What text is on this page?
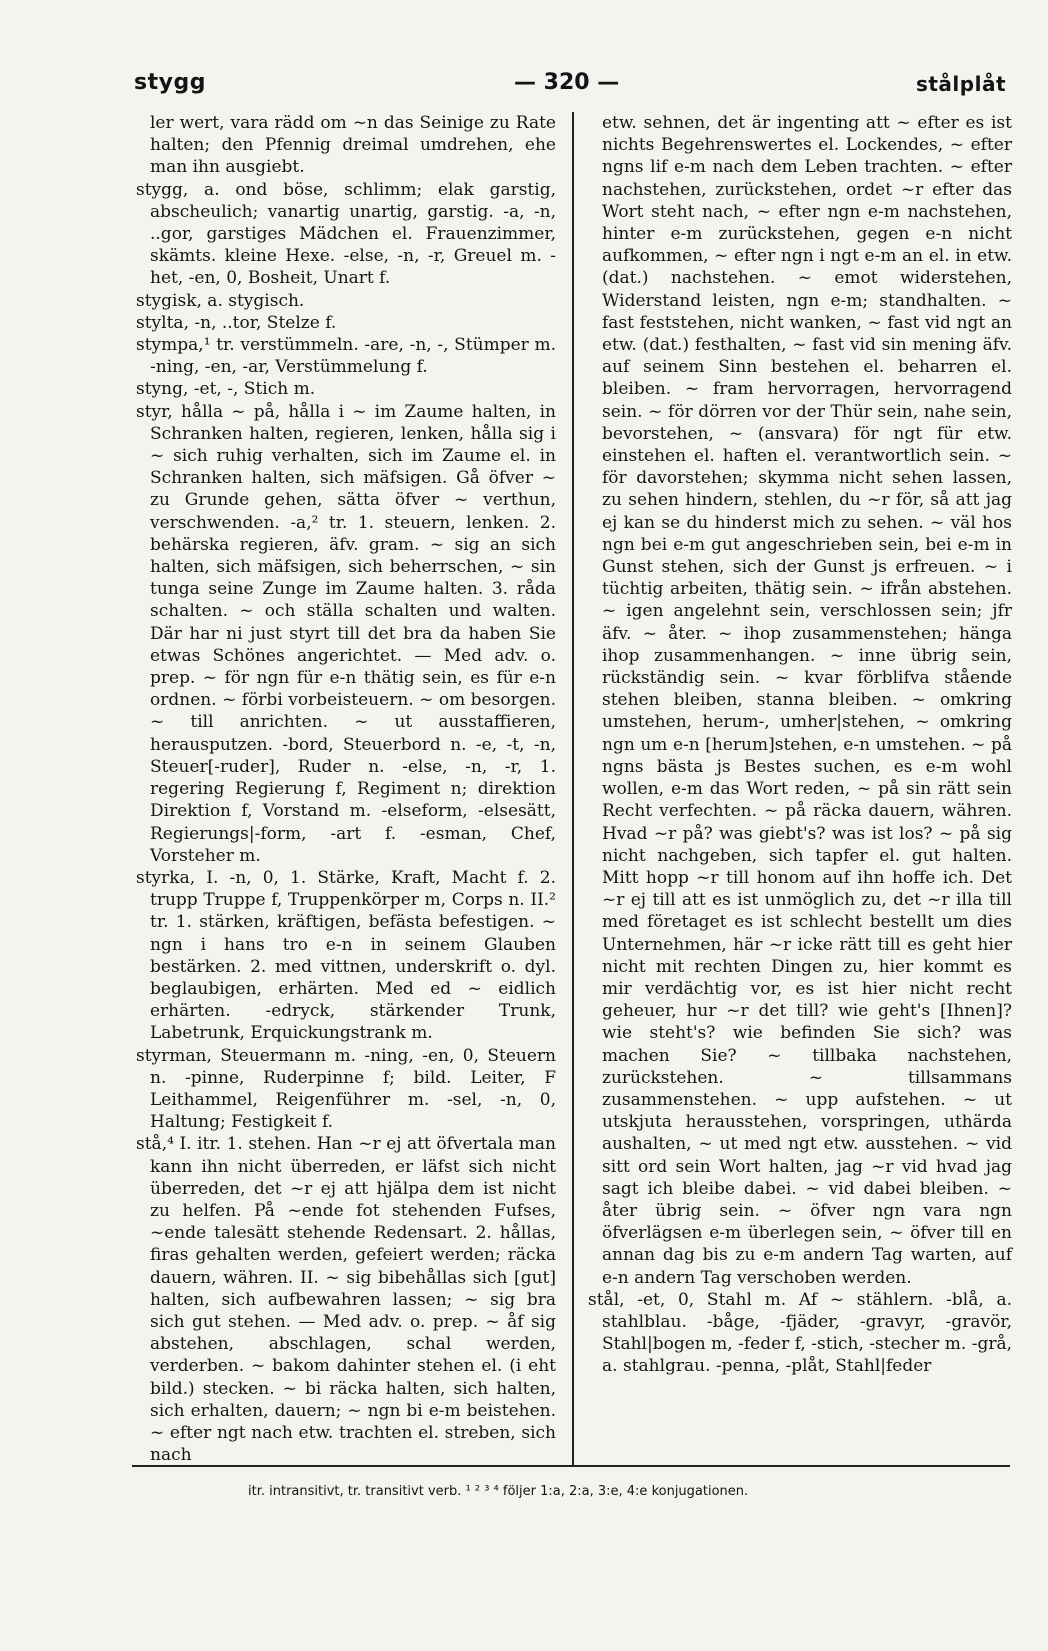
stygg	— 320 —	stålplåt

ler wert, vara rädd om ~n das Seinige zu Rate halten; den Pfennig dreimal umdrehen, ehe man ihn ausgiebt.

stygg, a. ond böse, schlimm; elak garstig, abscheulich; vanartig unartig, garstig. -a, -n, ..gor, garstiges Mädchen el. Frauenzimmer, skämts. kleine Hexe. -else, -n, -r, Greuel m. -het, -en, 0, Bosheit, Unart f.

stygisk, a. stygisch.

stylta, -n, ..tor, Stelze f.

stympa,¹ tr. verstümmeln. -are, -n, -, Stümper m. -ning, -en, -ar, Verstümmelung f.

styng, -et, -, Stich m.

styr, hålla ~ på, hålla i ~ im Zaume halten, in Schranken halten, regieren, lenken, hålla sig i ~ sich ruhig verhalten, sich im Zaume el. in Schranken halten, sich mäfsigen. Gå öfver ~ zu Grunde gehen, sätta öfver ~ verthun, verschwenden. -a,² tr. 1. steuern, lenken. 2. behärska regieren, äfv. gram. ~ sig an sich halten, sich mäfsigen, sich beherrschen, ~ sin tunga seine Zunge im Zaume halten. 3. råda schalten. ~ och ställa schalten und walten. Där har ni just styrt till det bra da haben Sie etwas Schönes angerichtet. — Med adv. o. prep. ~ för ngn für e-n thätig sein, es für e-n ordnen. ~ förbi vorbeisteuern. ~ om besorgen. ~ till anrichten. ~ ut ausstaffieren, herausputzen. -bord, Steuerbord n. -e, -t, -n, Steuer[-ruder], Ruder n. -else, -n, -r, 1. regering Regierung f, Regiment n; direktion Direktion f, Vorstand m. -elseform, -elsesätt, Regierungs|-form, -art f. -esman, Chef, Vorsteher m.

styrka, I. -n, 0, 1. Stärke, Kraft, Macht f. 2. trupp Truppe f, Truppenkörper m, Corps n. II.² tr. 1. stärken, kräftigen, befästa befestigen. ~ ngn i hans tro e-n in seinem Glauben bestärken. 2. med vittnen, underskrift o. dyl. beglaubigen, erhärten. Med ed ~ eidlich erhärten. -edryck, stärkender Trunk, Labetrunk, Erquickungstrank m.

styrman, Steuermann m. -ning, -en, 0, Steuern n. -pinne, Ruderpinne f; bild. Leiter, F Leithammel, Reigenführer m. -sel, -n, 0, Haltung; Festigkeit f.

stå,⁴ I. itr. 1. stehen. Han ~r ej att öfvertala man kann ihn nicht überreden, er läfst sich nicht überreden, det ~r ej att hjälpa dem ist nicht zu helfen. På ~ende fot stehenden Fufses, ~ende talesätt stehende Redensart. 2. hållas, firas gehalten werden, gefeiert werden; räcka dauern, währen. II. ~ sig bibehållas sich [gut] halten, sich aufbewahren lassen; ~ sig bra sich gut stehen. — Med adv. o. prep. ~ åf sig abstehen, abschlagen, schal werden, verderben. ~ bakom dahinter stehen el. (i eht bild.) stecken. ~ bi räcka halten, sich halten, sich erhalten, dauern; ~ ngn bi e-m beistehen. ~ efter ngt nach etw. trachten el. streben, sich nach

etw. sehnen, det är ingenting att ~ efter es ist nichts Begehrenswertes el. Lockendes, ~ efter ngns lif e-m nach dem Leben trachten. ~ efter nachstehen, zurückstehen, ordet ~r efter das Wort steht nach, ~ efter ngn e-m nachstehen, hinter e-m zurückstehen, gegen e-n nicht aufkommen, ~ efter ngn i ngt e-m an el. in etw. (dat.) nachstehen. ~ emot widerstehen, Widerstand leisten, ngn e-m; standhalten. ~ fast feststehen, nicht wanken, ~ fast vid ngt an etw. (dat.) festhalten, ~ fast vid sin mening äfv. auf seinem Sinn bestehen el. beharren el. bleiben. ~ fram hervorragen, hervorragend sein. ~ för dörren vor der Thür sein, nahe sein, bevorstehen, ~ (ansvara) för ngt für etw. einstehen el. haften el. verantwortlich sein. ~ för davorstehen; skymma nicht sehen lassen, zu sehen hindern, stehlen, du ~r för, så att jag ej kan se du hinderst mich zu sehen. ~ väl hos ngn bei e-m gut angeschrieben sein, bei e-m in Gunst stehen, sich der Gunst js erfreuen. ~ i tüchtig arbeiten, thätig sein. ~ ifrån abstehen. ~ igen angelehnt sein, verschlossen sein; jfr äfv. ~ åter. ~ ihop zusammenstehen; hänga ihop zusammenhangen. ~ inne übrig sein, rückständig sein. ~ kvar förblifva stående stehen bleiben, stanna bleiben. ~ omkring umstehen, herum-, umher|stehen, ~ omkring ngn um e-n [herum]stehen, e-n umstehen. ~ på ngns bästa js Bestes suchen, es e-m wohl wollen, e-m das Wort reden, ~ på sin rätt sein Recht verfechten. ~ på räcka dauern, währen. Hvad ~r på? was giebt's? was ist los? ~ på sig nicht nachgeben, sich tapfer el. gut halten. Mitt hopp ~r till honom auf ihn hoffe ich. Det ~r ej till att es ist unmöglich zu, det ~r illa till med företaget es ist schlecht bestellt um dies Unternehmen, här ~r icke rätt till es geht hier nicht mit rechten Dingen zu, hier kommt es mir verdächtig vor, es ist hier nicht recht geheuer, hur ~r det till? wie geht's [Ihnen]? wie steht's? wie befinden Sie sich? was machen Sie? ~ tillbaka nachstehen, zurückstehen. ~ tillsammans zusammenstehen. ~ upp aufstehen. ~ ut utskjuta herausstehen, vorspringen, uthärda aushalten, ~ ut med ngt etw. ausstehen. ~ vid sitt ord sein Wort halten, jag ~r vid hvad jag sagt ich bleibe dabei. ~ vid dabei bleiben. ~ åter übrig sein. ~ öfver ngn vara ngn öfverlägsen e-m überlegen sein, ~ öfver till en annan dag bis zu e-m andern Tag warten, auf e-n andern Tag verschoben werden.

stål, -et, 0, Stahl m. Af ~ stählern. -blå, a. stahlblau. -båge, -fjäder, -gravyr, -gravör, Stahl|bogen m, -feder f, -stich, -stecher m. -grå, a. stahlgrau. -penna, -plåt, Stahl|feder

itr. intransitivt, tr. transitivt verb. ¹ ² ³ ⁴ följer 1:a, 2:a, 3:e, 4:e konjugationen.
